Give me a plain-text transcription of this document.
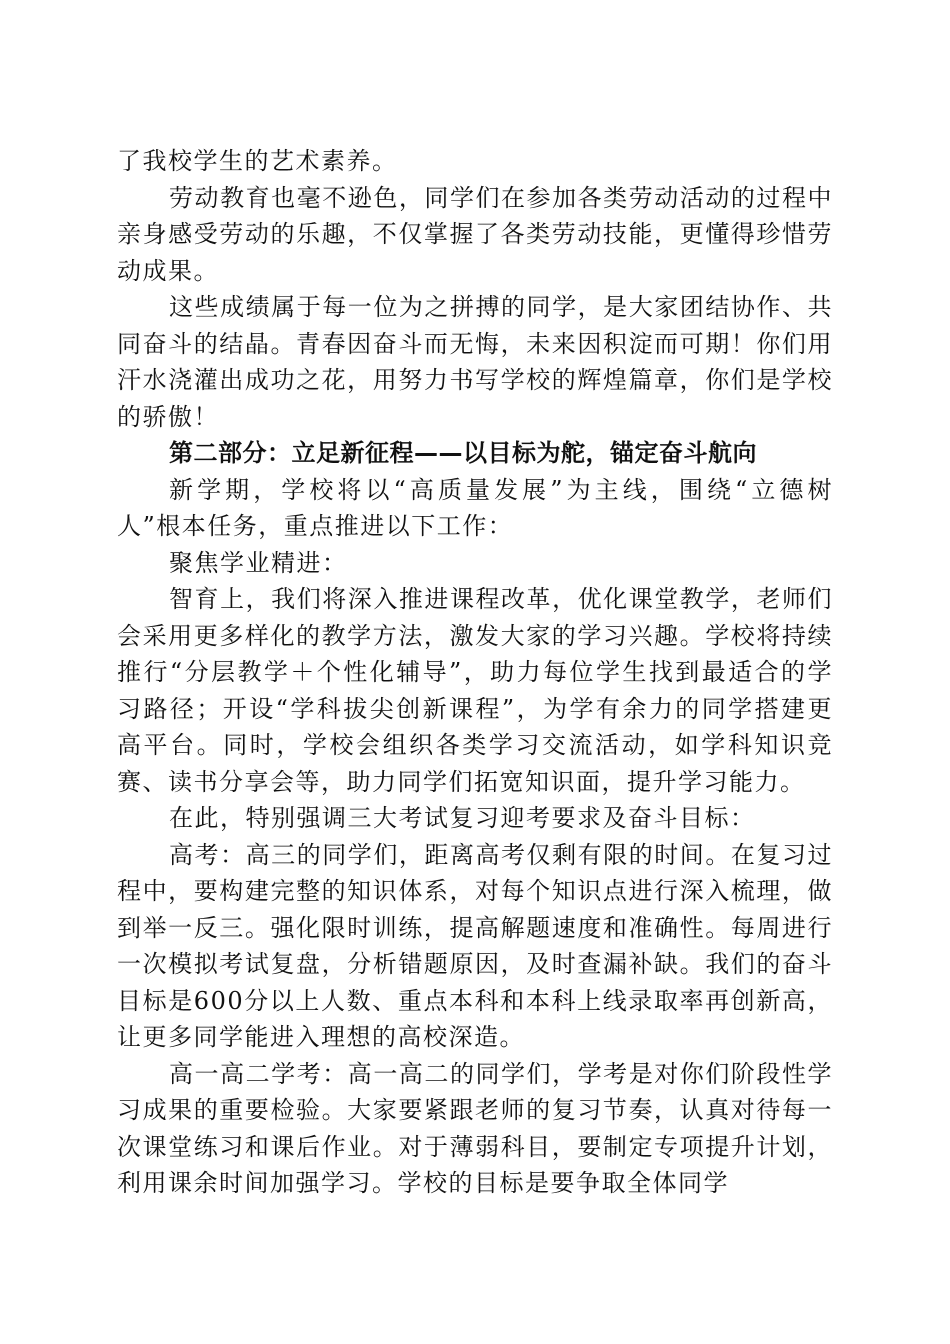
了我校学生的艺术素养。

劳动教育也毫不逊色，同学们在参加各类劳动活动的过程中亲身感受劳动的乐趣，不仅掌握了各类劳动技能，更懂得珍惜劳动成果。

这些成绩属于每一位为之拼搏的同学，是大家团结协作、共同奋斗的结晶。青春因奋斗而无悔，未来因积淀而可期！你们用汗水浇灌出成功之花，用努力书写学校的辉煌篇章，你们是学校的骄傲！

第二部分：立足新征程——以目标为舵，锚定奋斗航向

新学期，学校将以“高质量发展”为主线，围绕“立德树人”根本任务，重点推进以下工作：

聚焦学业精进：

智育上，我们将深入推进课程改革，优化课堂教学，老师们会采用更多样化的教学方法，激发大家的学习兴趣。学校将持续推行“分层教学＋个性化辅导”，助力每位学生找到最适合的学习路径；开设“学科拔尖创新课程”，为学有余力的同学搭建更高平台。同时，学校会组织各类学习交流活动，如学科知识竞赛、读书分享会等，助力同学们拓宽知识面，提升学习能力。

在此，特别强调三大考试复习迎考要求及奋斗目标：

高考：高三的同学们，距离高考仅剩有限的时间。在复习过程中，要构建完整的知识体系，对每个知识点进行深入梳理，做到举一反三。强化限时训练，提高解题速度和准确性。每周进行一次模拟考试复盘，分析错题原因，及时查漏补缺。我们的奋斗目标是600分以上人数、重点本科和本科上线录取率再创新高，让更多同学能进入理想的高校深造。

高一高二学考：高一高二的同学们，学考是对你们阶段性学习成果的重要检验。大家要紧跟老师的复习节奏，认真对待每一次课堂练习和课后作业。对于薄弱科目，要制定专项提升计划，利用课余时间加强学习。学校的目标是要争取全体同学
